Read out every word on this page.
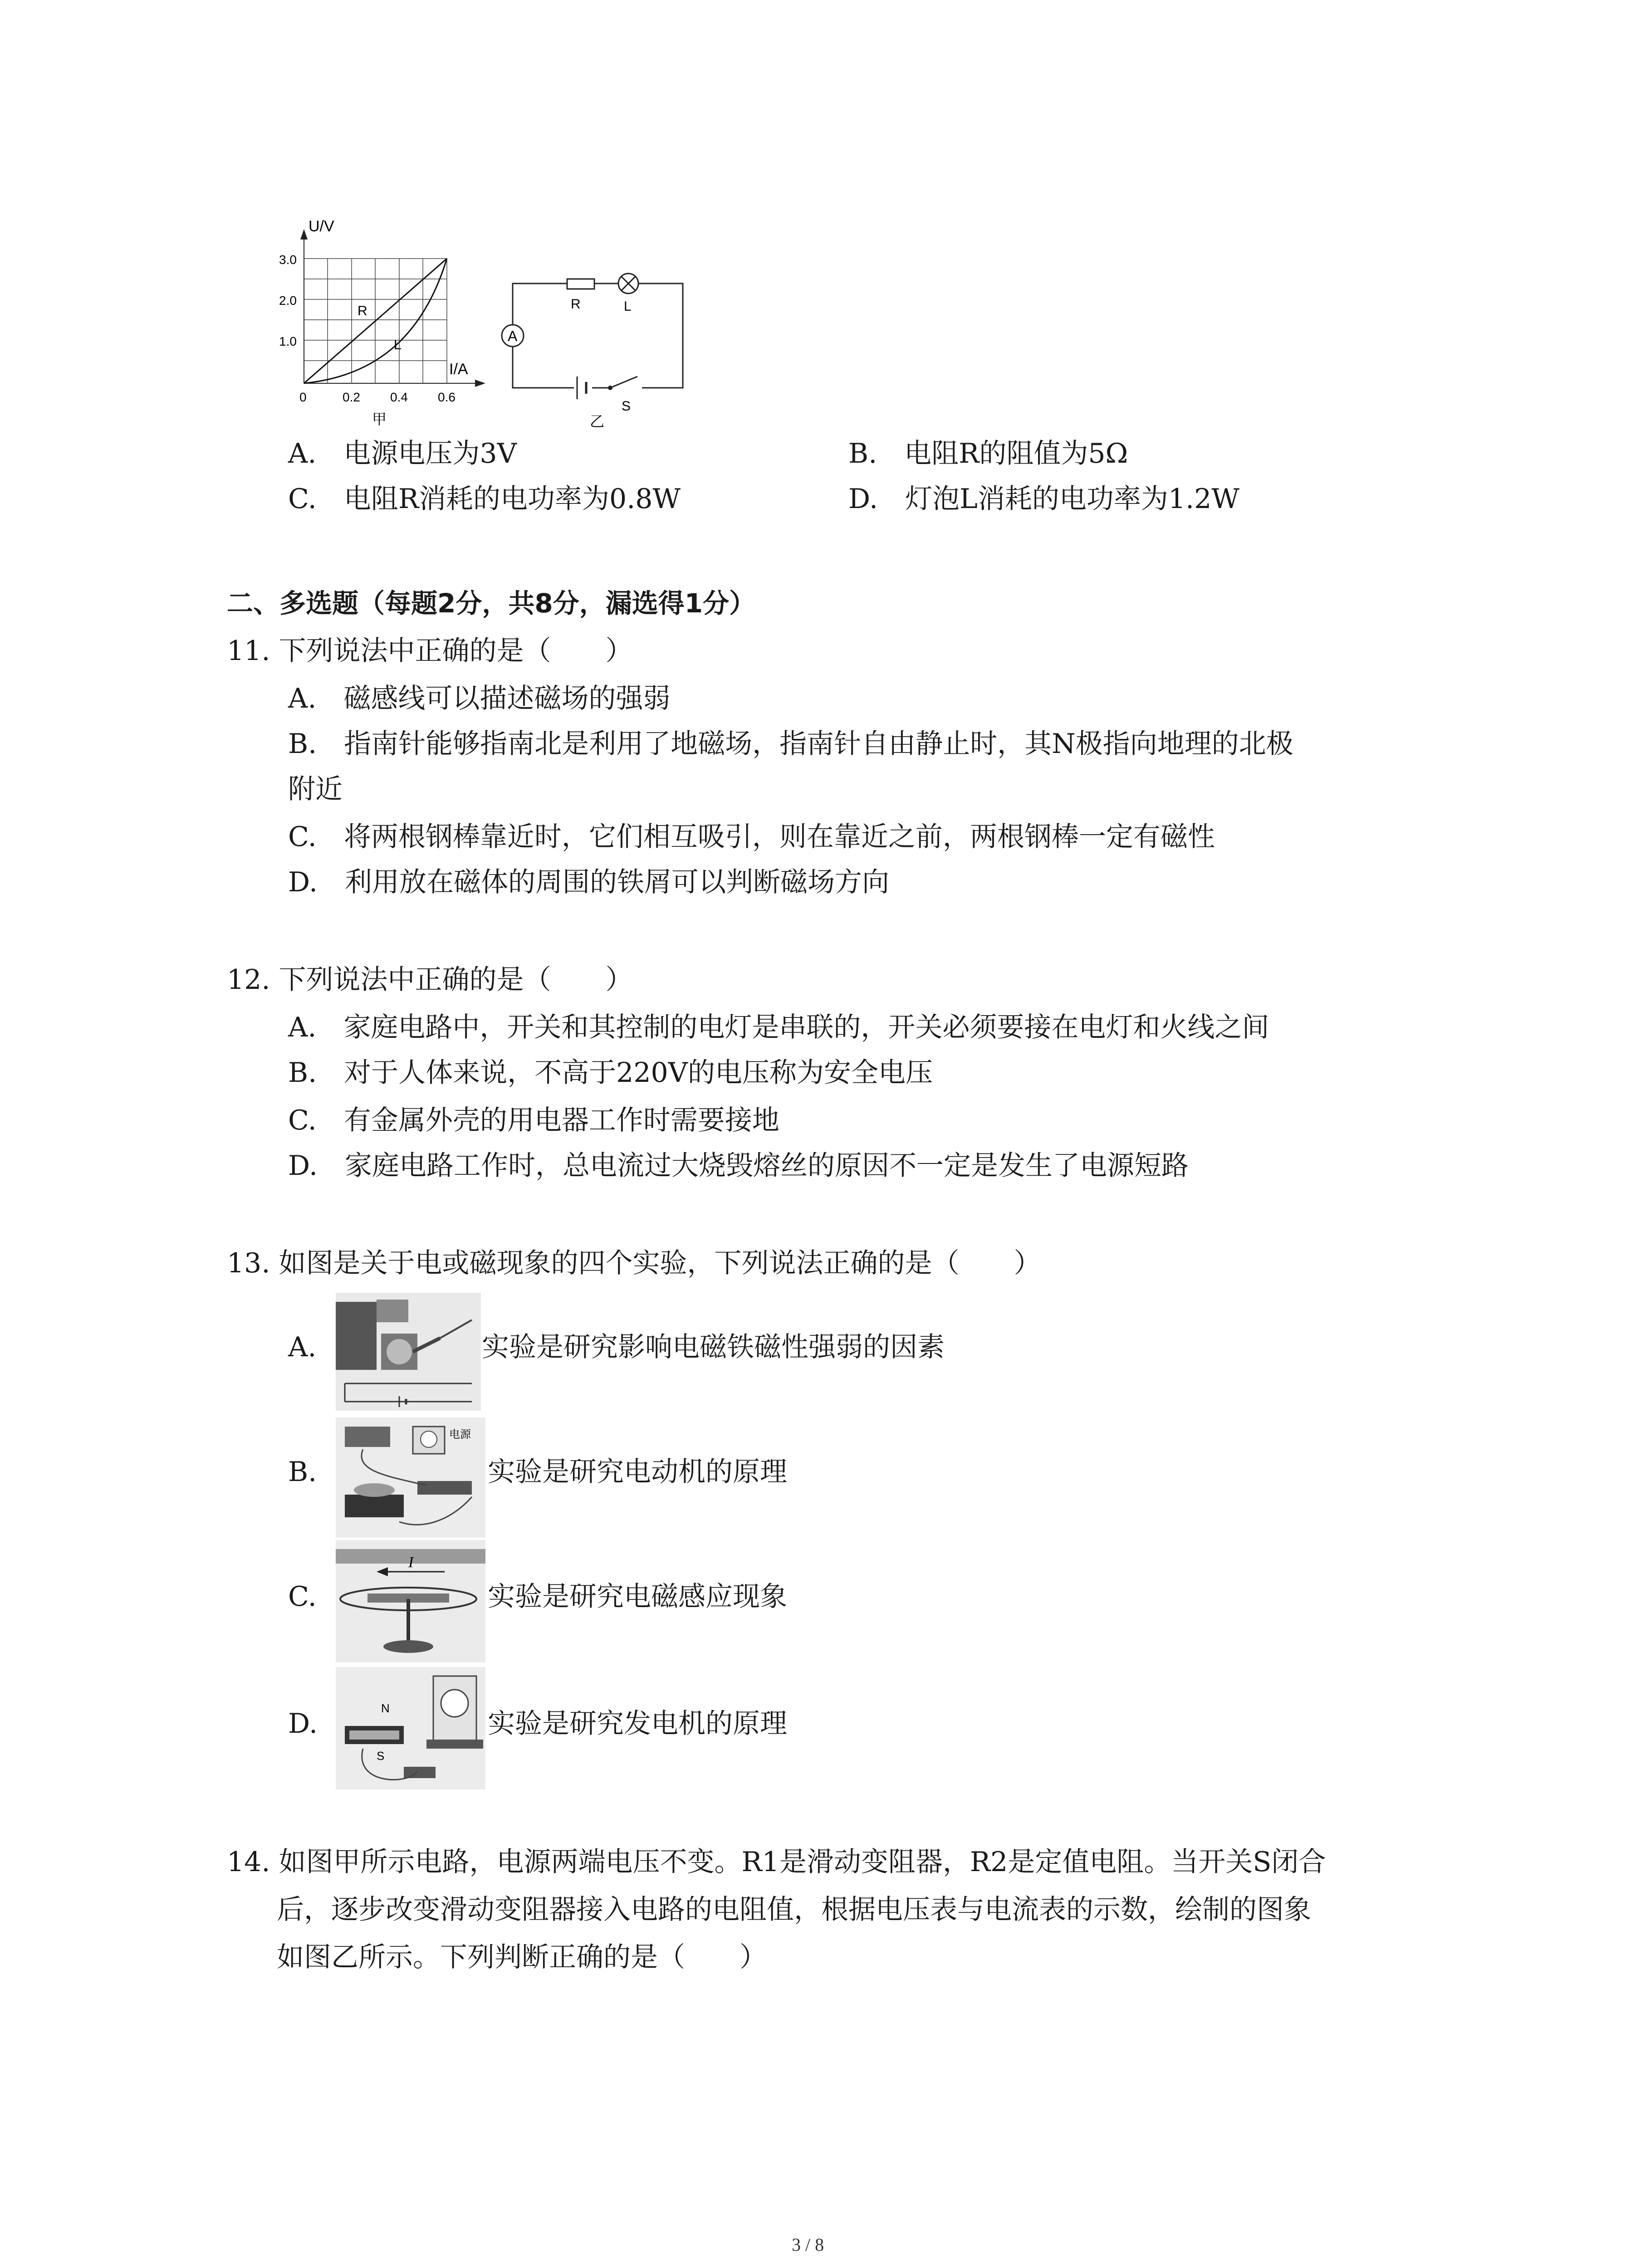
U/V
I/A
3.0
2.0
1.0
0	0.2 0.4 0.6
R
L
甲
A
R	L
S
乙
A.　电源电压为3V	B.　电阻R的阻值为5Ω
C.　电阻R消耗的电功率为0.8W	D.　灯泡L消耗的电功率为1.2W
二、多选题（每题2分，共8分，漏选得1分）
11. 下列说法中正确的是（　　）
A.　磁感线可以描述磁场的强弱
B.　指南针能够指南北是利用了地磁场，指南针自由静止时，其N极指向地理的北极
附近
C.　将两根钢棒靠近时，它们相互吸引，则在靠近之前，两根钢棒一定有磁性
D.　利用放在磁体的周围的铁屑可以判断磁场方向
12. 下列说法中正确的是（　　）
A.　家庭电路中，开关和其控制的电灯是串联的，开关必须要接在电灯和火线之间
B.　对于人体来说，不高于220V的电压称为安全电压
C.　有金属外壳的用电器工作时需要接地
D.　家庭电路工作时，总电流过大烧毁熔丝的原因不一定是发生了电源短路
13. 如图是关于电或磁现象的四个实验，下列说法正确的是（　　）
A.	实验是研究影响电磁铁磁性强弱的因素
B.
电源
实验是研究电动机的原理
C.
I
实验是研究电磁感应现象
D.	N
S
实验是研究发电机的原理
14. 如图甲所示电路，电源两端电压不变。R1是滑动变阻器，R2是定值电阻。当开关S闭合
后，逐步改变滑动变阻器接入电路的电阻值，根据电压表与电流表的示数，绘制的图象
如图乙所示。下列判断正确的是（　　）
3 / 8
